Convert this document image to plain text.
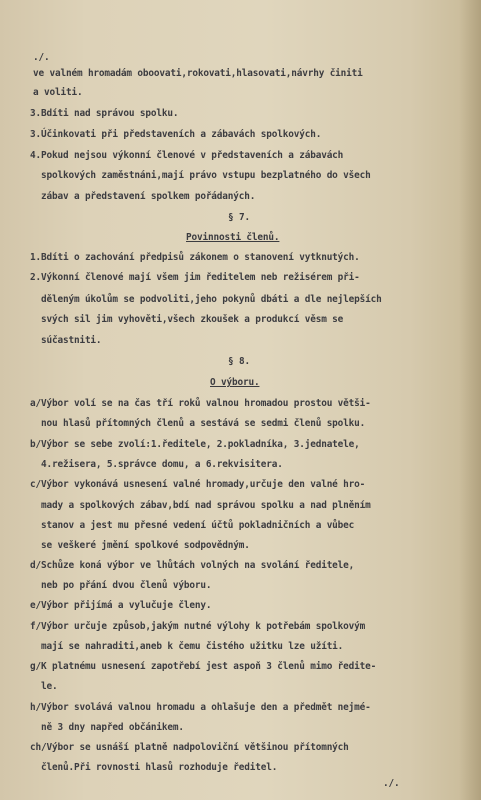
./.
ve valném hromadám oboovati,rokovati,hlasovati,návrhy činiti
a voliti.
3.Bdíti nad správou spolku.
3.Účinkovati při představeních a zábavách spolkových.
4.Pokud nejsou výkonní členové v představeních a zábavách
spolkových zaměstnáni,mají právo vstupu bezplatného do všech
zábav a představení spolkem pořádaných.
§ 7.
Povinnosti členů.
1.Bdíti o zachování předpisů zákonem o stanovení vytknutých.
2.Výkonní členové mají všem jim ředitelem neb režisérem při-
děleným úkolům se podvoliti,jeho pokynů dbáti a dle nejlepších
svých sil jim vyhověti,všech zkoušek a produkcí věsm se
súčastniti.
§ 8.
O výboru.
a/Výbor volí se na čas tří roků valnou hromadou prostou větši-
nou hlasů přítomných členů a sestává se sedmi členů spolku.
b/Výbor se sebe zvolí:1.ředitele, 2.pokladníka, 3.jednatele,
4.režisera, 5.správce domu, a 6.rekvisitera.
c/Výbor vykonává usnesení valné hromady,určuje den valné hro-
mady a spolkových zábav,bdí nad správou spolku a nad plněním
stanov a jest mu přesné vedení účtů pokladničních a vůbec
se veškeré jmění spolkové sodpovědným.
d/Schůze koná výbor ve lhůtách volných na svolání ředitele,
neb po přání dvou členů výboru.
e/Výbor přijímá a vylučuje členy.
f/Výbor určuje způsob,jakým nutné výlohy k potřebám spolkovým
mají se nahraditi,aneb k čemu čistého užitku lze užíti.
g/K platnému usnesení zapotřebí jest aspoň 3 členů mimo ředite-
le.
h/Výbor svolává valnou hromadu a ohlašuje den a předmět nejmé-
ně 3 dny napřed občánikem.
ch/Výbor se usnáší platně nadpoloviční většinou přítomných
členů.Při rovnosti hlasů rozhoduje ředitel.
./.
